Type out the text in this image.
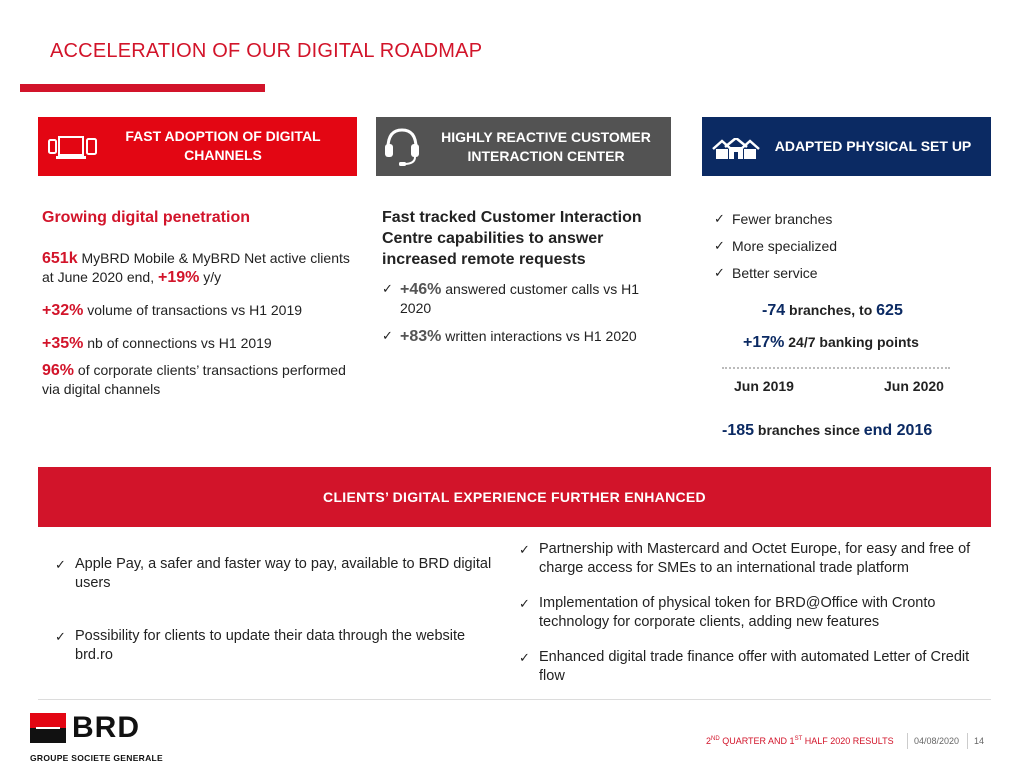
ACCELERATION OF OUR DIGITAL ROADMAP
FAST ADOPTION OF DIGITAL
CHANNELS
HIGHLY REACTIVE CUSTOMER
INTERACTION CENTER
ADAPTED PHYSICAL SET UP
Growing digital penetration

651k MyBRD Mobile & MyBRD Net active clients at June 2020 end, +19% y/y

+32% volume of transactions vs H1 2019

+35% nb of connections vs H1 2019

96% of corporate clients’ transactions performed via digital channels

Fast tracked Customer Interaction Centre capabilities to answer increased remote requests
✓ +46% answered customer calls vs H1 2020
✓ +83% written interactions vs H1 2020
✓ Fewer branches
✓ More specialized
✓ Better service
-74 branches, to 625
+17% 24/7 banking points
Jun 2019	Jun 2020
-185 branches since end 2016
CLIENTS’ DIGITAL EXPERIENCE FURTHER ENHANCED
✓ Apple Pay, a safer and faster way to pay, available to BRD digital users
✓ Possibility for clients to update their data through the website brd.ro
✓ Partnership with Mastercard and Octet Europe, for easy and free of charge access for SMEs to an international trade platform
✓ Implementation of physical token for BRD@Office with Cronto technology for corporate clients, adding new features
✓ Enhanced digital trade finance offer with automated Letter of Credit flow
BRD
GROUPE SOCIETE GENERALE
2ND QUARTER AND 1ST HALF 2020 RESULTS 04/08/2020 14
